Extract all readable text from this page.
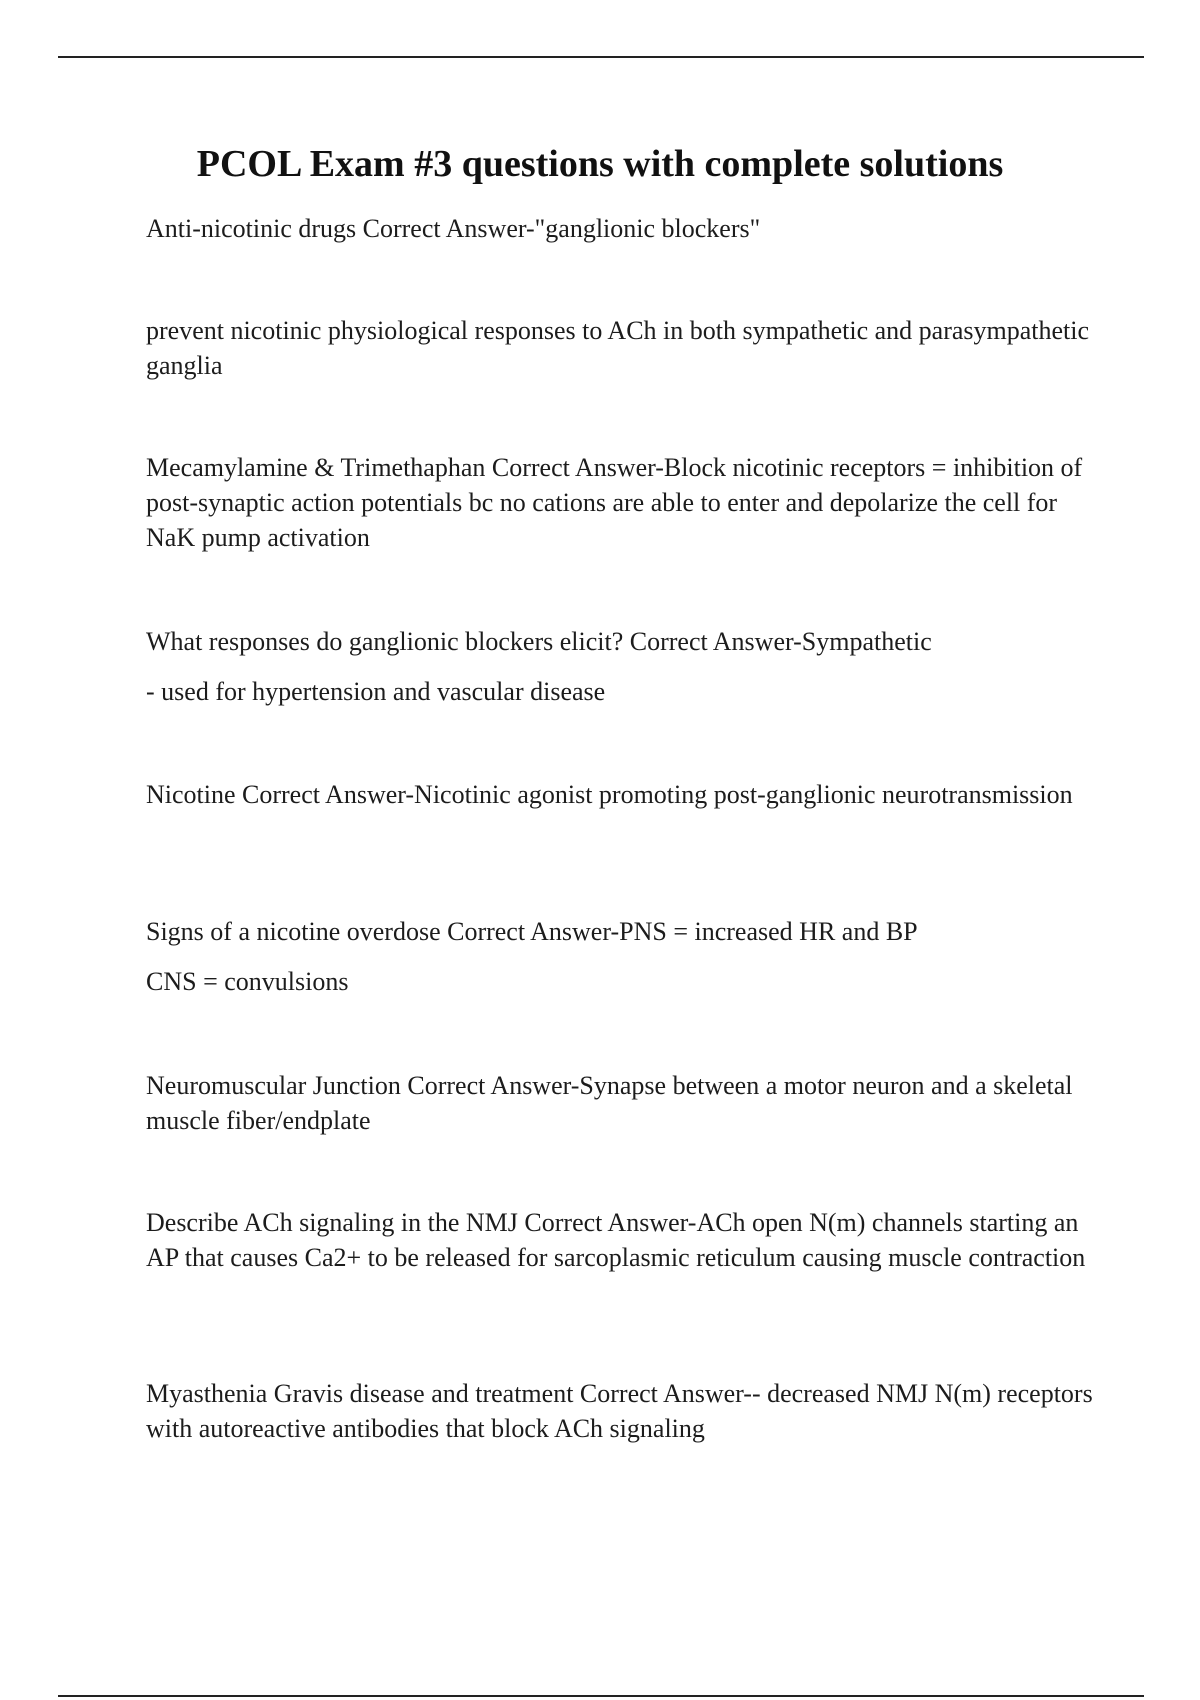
PCOL Exam #3 questions with complete solutions

Anti-nicotinic drugs Correct Answer-"ganglionic blockers"

prevent nicotinic physiological responses to ACh in both sympathetic and parasympathetic ganglia

Mecamylamine & Trimethaphan Correct Answer-Block nicotinic receptors = inhibition of post-synaptic action potentials bc no cations are able to enter and depolarize the cell for NaK pump activation

What responses do ganglionic blockers elicit? Correct Answer-Sympathetic

- used for hypertension and vascular disease

Nicotine Correct Answer-Nicotinic agonist promoting post-ganglionic neurotransmission

Signs of a nicotine overdose Correct Answer-PNS = increased HR and BP

CNS = convulsions

Neuromuscular Junction Correct Answer-Synapse between a motor neuron and a skeletal muscle fiber/endplate

Describe ACh signaling in the NMJ Correct Answer-ACh open N(m) channels starting an AP that causes Ca2+ to be released for sarcoplasmic reticulum causing muscle contraction

Myasthenia Gravis disease and treatment Correct Answer-- decreased NMJ N(m) receptors with autoreactive antibodies that block ACh signaling
